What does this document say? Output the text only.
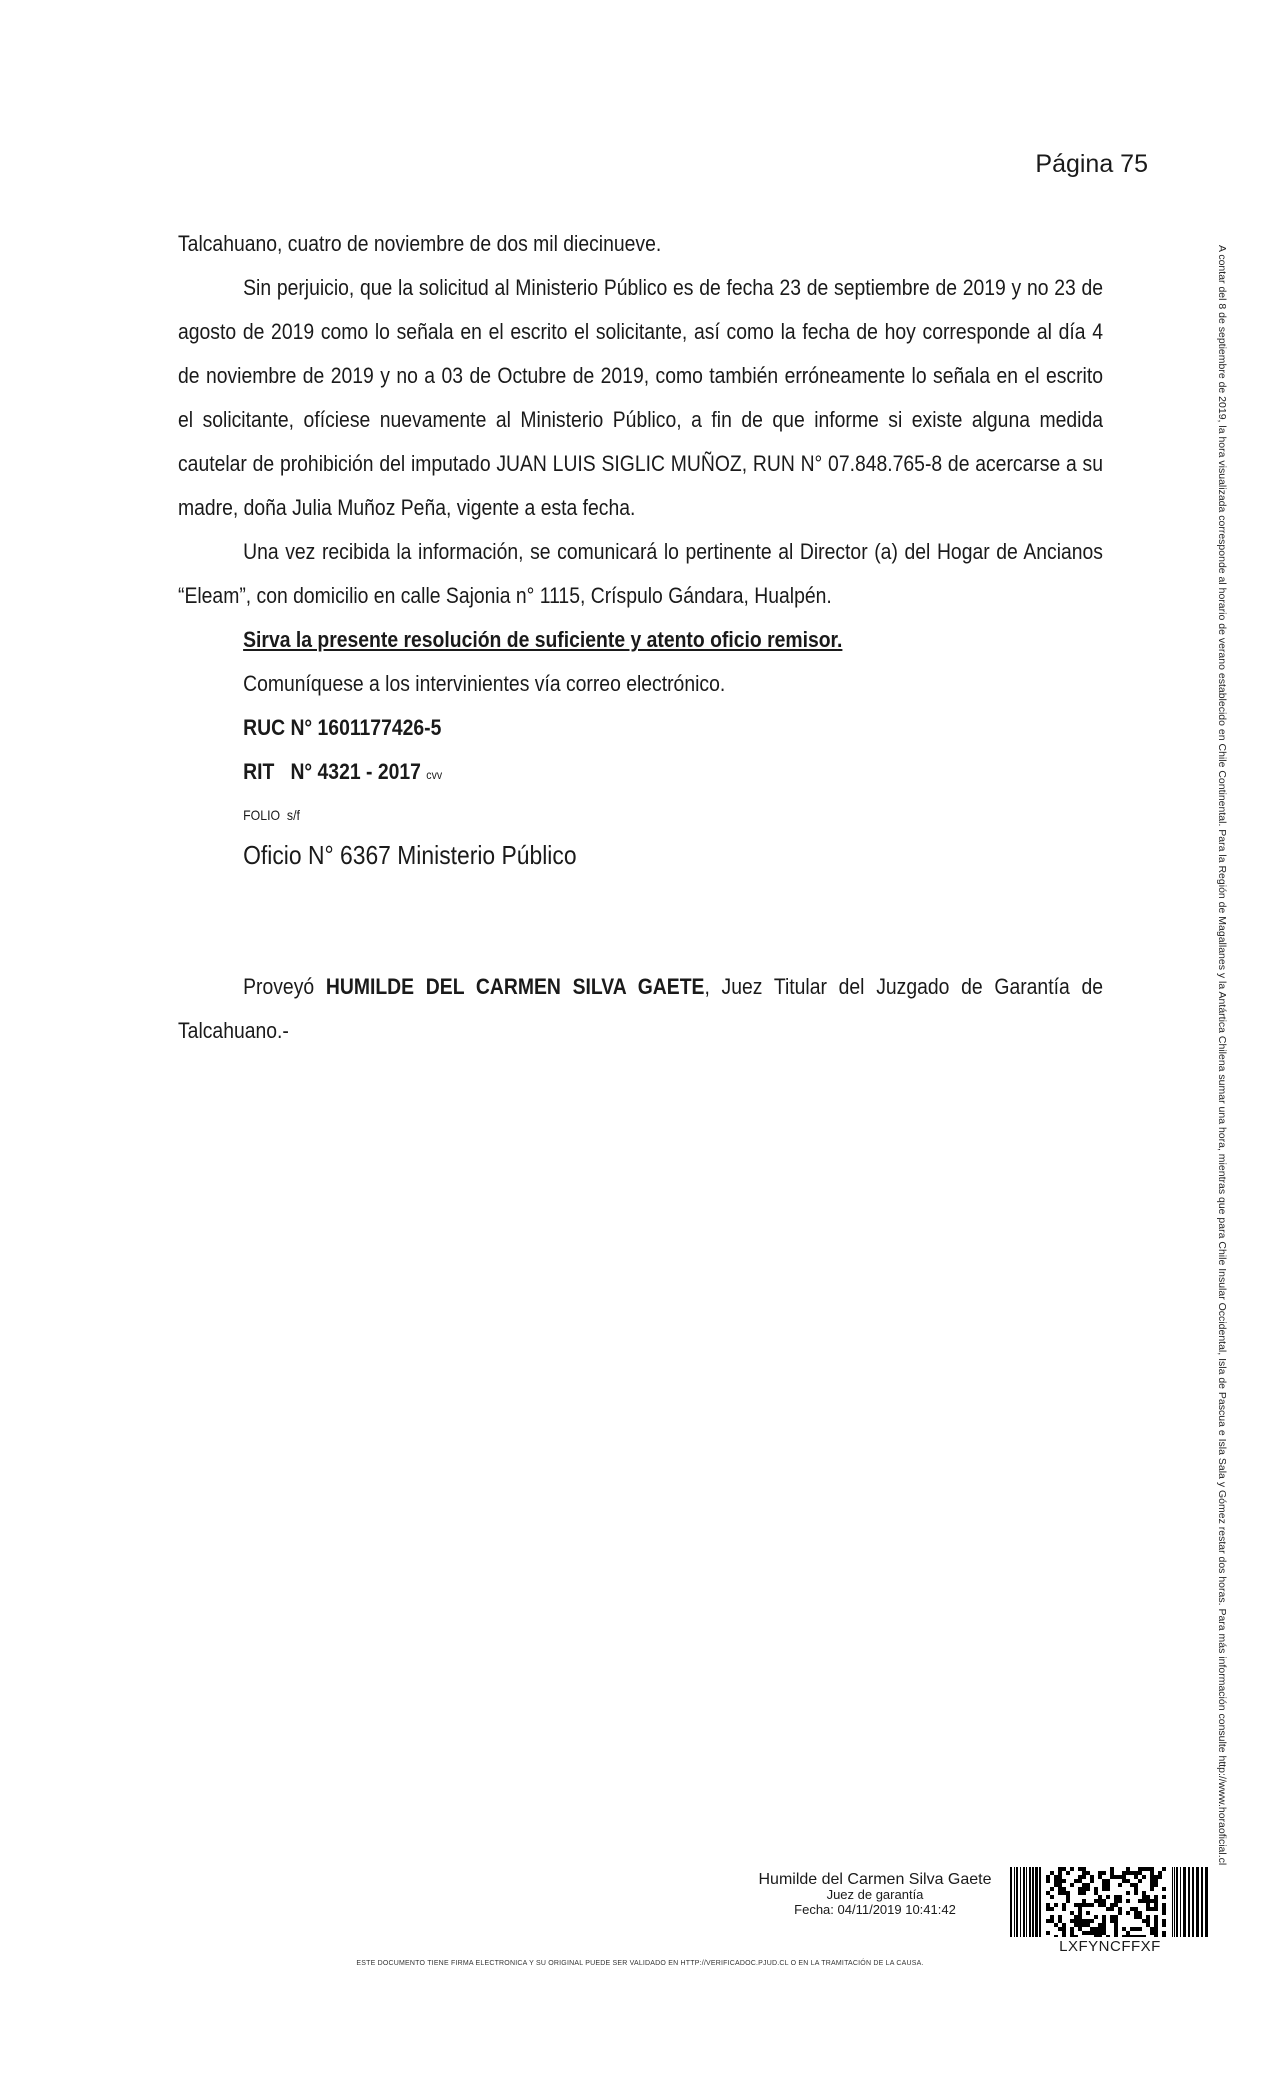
Página 75

Talcahuano, cuatro de noviembre de dos mil diecinueve.

Sin perjuicio, que la solicitud al Ministerio Público es de fecha 23 de septiembre de 2019 y no 23 de agosto de 2019 como lo señala en el escrito el solicitante, así como la fecha de hoy corresponde al día 4 de noviembre de 2019 y no a 03 de Octubre de 2019, como también erróneamente lo señala en el escrito el solicitante, ofíciese nuevamente al Ministerio Público, a fin de que informe si existe alguna medida cautelar de prohibición del imputado JUAN LUIS SIGLIC MUÑOZ, RUN N° 07.848.765-8 de acercarse a su madre, doña Julia Muñoz Peña, vigente a esta fecha.

Una vez recibida la información, se comunicará lo pertinente al Director (a) del Hogar de Ancianos “Eleam”, con domicilio en calle Sajonia n° 1115, Críspulo Gándara, Hualpén.

Sirva la presente resolución de suficiente y atento oficio remisor.

Comuníquese a los intervinientes vía correo electrónico.

RUC N° 1601177426-5

RIT   N° 4321 - 2017 cvv

FOLIO  s/f

Oficio N° 6367 Ministerio Público

Proveyó HUMILDE DEL CARMEN SILVA GAETE, Juez Titular del Juzgado de Garantía de Talcahuano.-	A contar del 8 de septiembre de 2019, la hora visualizada corresponde al horario de verano establecido en Chile Continental. Para la Región de Magallanes y la Antártica Chilena sumar una hora, mientras que para Chile Insular Occidental, Isla de Pascua e Isla Sala y Gómez restar dos horas. Para más información consulte http://www.horaoficial.cl
Humilde del Carmen Silva Gaete
Juez de garantía
Fecha: 04/11/2019 10:41:42
LXFYNCFFXF
ESTE DOCUMENTO TIENE FIRMA ELECTRONICA Y SU ORIGINAL PUEDE SER VALIDADO EN HTTP://VERIFICADOC.PJUD.CL O EN LA TRAMITACIÓN DE LA CAUSA.
